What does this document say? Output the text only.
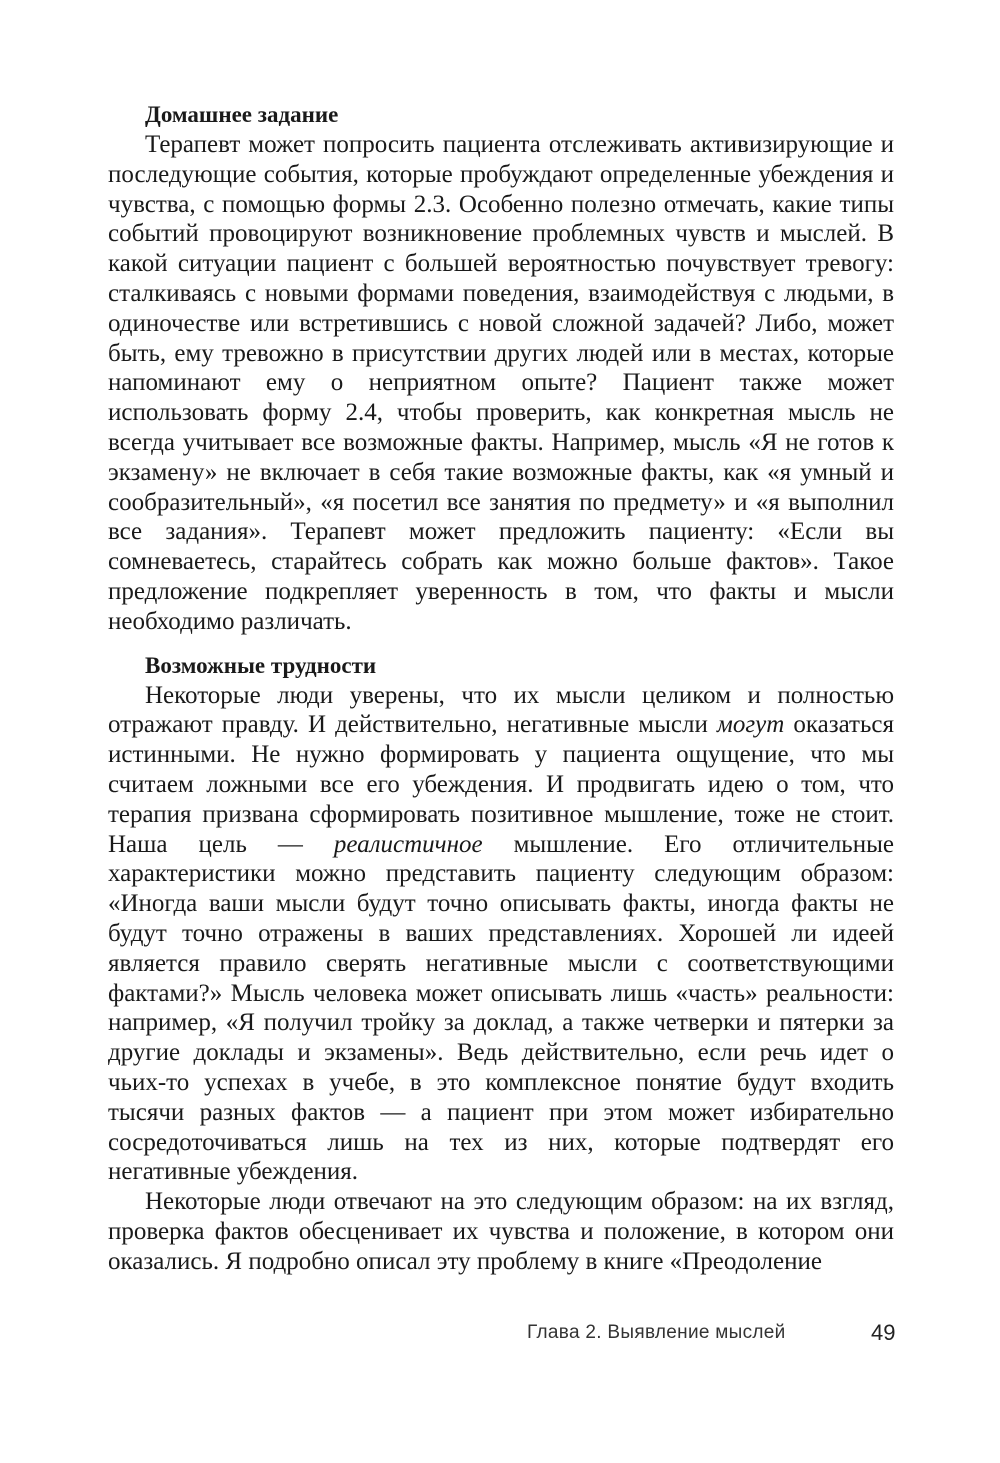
Домашнее задание

Терапевт может попросить пациента отслеживать активизирующие и последующие события, которые пробуждают определенные убеждения и чувства, с помощью формы 2.3. Особенно полезно отмечать, какие типы событий провоцируют возникновение проблемных чувств и мыслей. В какой ситуации пациент с большей вероятностью почувствует тревогу: сталкиваясь с новыми формами поведения, взаимодействуя с людьми, в одиночестве или встретившись с новой сложной задачей? Либо, может быть, ему тревожно в присутствии других людей или в местах, которые напоминают ему о неприятном опыте? Пациент также может использовать форму 2.4, чтобы проверить, как конкретная мысль не всегда учитывает все возможные факты. Например, мысль «Я не готов к экзамену» не включает в себя такие возможные факты, как «я умный и сообразительный», «я посетил все занятия по предмету» и «я выполнил все задания». Терапевт может предложить пациенту: «Если вы сомневаетесь, старайтесь собрать как можно больше фактов». Такое предложение подкрепляет уверенность в том, что факты и мысли необходимо различать.

Возможные трудности

Некоторые люди уверены, что их мысли целиком и полностью отражают правду. И действительно, негативные мысли могут оказаться истинными. Не нужно формировать у пациента ощущение, что мы считаем ложными все его убеждения. И продвигать идею о том, что терапия призвана сформировать позитивное мышление, тоже не стоит. Наша цель — реалистичное мышление. Его отличительные характеристики можно представить пациенту следующим образом: «Иногда ваши мысли будут точно описывать факты, иногда факты не будут точно отражены в ваших представлениях. Хорошей ли идеей является правило сверять негативные мысли с соответствующими фактами?» Мысль человека может описывать лишь «часть» реальности: например, «Я получил тройку за доклад, а также четверки и пятерки за другие доклады и экзамены». Ведь действительно, если речь идет о чьих-то успехах в учебе, в это комплексное понятие будут входить тысячи разных фактов — а пациент при этом может избирательно сосредоточиваться лишь на тех из них, которые подтвердят его негативные убеждения.

Некоторые люди отвечают на это следующим образом: на их взгляд, проверка фактов обесценивает их чувства и положение, в котором они оказались. Я подробно описал эту проблему в книге «Преодоление

Глава 2. Выявление мыслей	49
